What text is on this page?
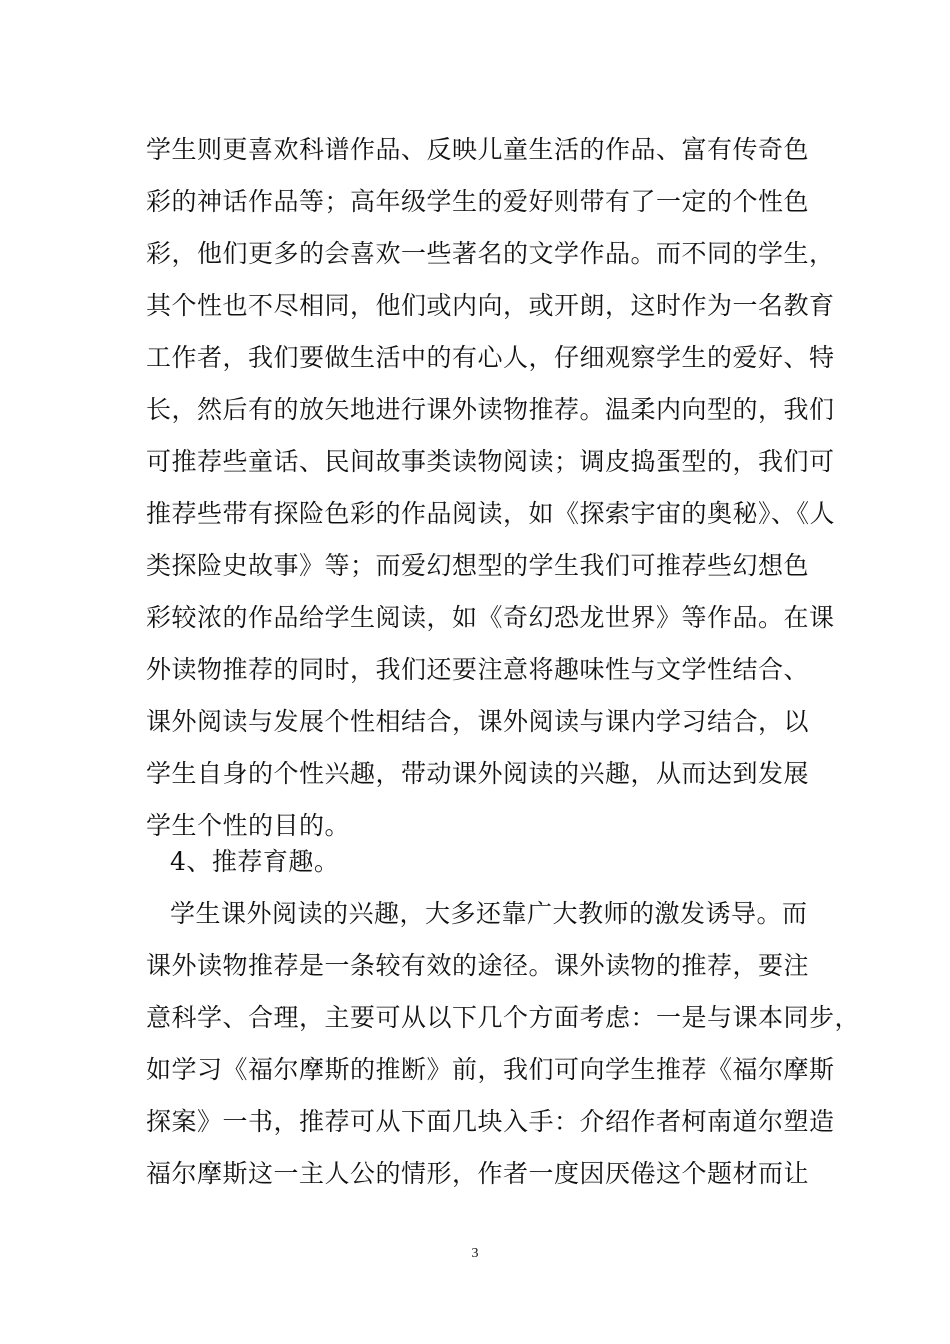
学生则更喜欢科谱作品、反映儿童生活的作品、富有传奇色
彩的神话作品等；高年级学生的爱好则带有了一定的个性色
彩，他们更多的会喜欢一些著名的文学作品。而不同的学生，
其个性也不尽相同，他们或内向，或开朗，这时作为一名教育
工作者，我们要做生活中的有心人，仔细观察学生的爱好、特
长，然后有的放矢地进行课外读物推荐。温柔内向型的，我们
可推荐些童话、民间故事类读物阅读；调皮捣蛋型的，我们可
推荐些带有探险色彩的作品阅读，如《探索宇宙的奥秘》、《人
类探险史故事》等；而爱幻想型的学生我们可推荐些幻想色
彩较浓的作品给学生阅读，如《奇幻恐龙世界》等作品。在课
外读物推荐的同时，我们还要注意将趣味性与文学性结合、
课外阅读与发展个性相结合，课外阅读与课内学习结合，以
学生自身的个性兴趣，带动课外阅读的兴趣，从而达到发展
学生个性的目的。
4、推荐育趣。
学生课外阅读的兴趣，大多还靠广大教师的激发诱导。而
课外读物推荐是一条较有效的途径。课外读物的推荐，要注
意科学、合理，主要可从以下几个方面考虑：一是与课本同步，
如学习《福尔摩斯的推断》前，我们可向学生推荐《福尔摩斯
探案》一书，推荐可从下面几块入手：介绍作者柯南道尔塑造
福尔摩斯这一主人公的情形，作者一度因厌倦这个题材而让
3
